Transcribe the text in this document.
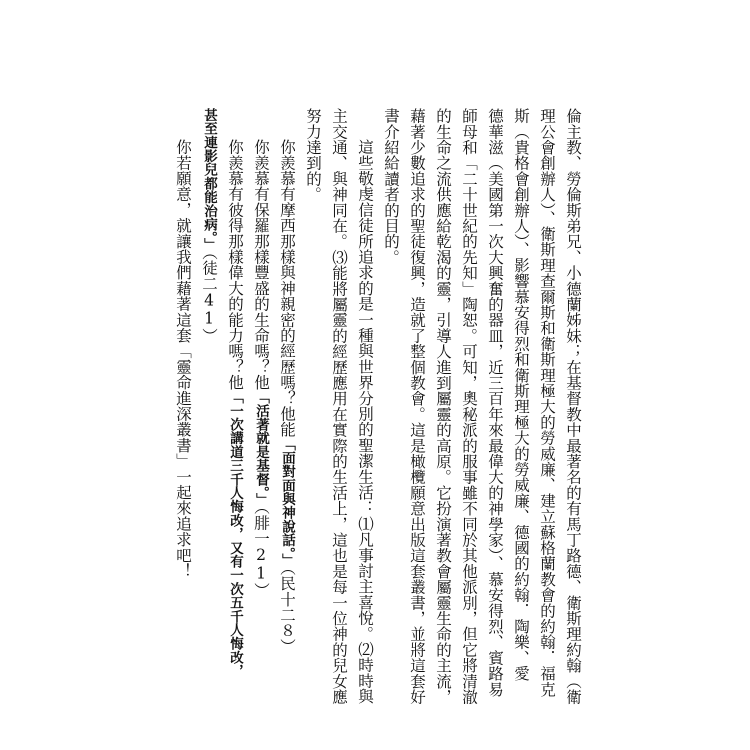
倫主教、勞倫斯弟兄、小德蘭姊妹；在基督教中最著名的有馬丁路德、衛斯理約翰（衛
理公會創辦人）、衛斯理查爾斯和衛斯理極大的勞威廉、建立蘇格蘭教會的約翰．福克
斯（貴格會創辦人）、影響慕安得烈和衛斯理極大的勞威廉、德國的約翰．陶樂、愛
德華滋（美國第一次大興奮的器皿，近三百年來最偉大的神學家）、慕安得烈、賓路易
師母和「二十世紀的先知」陶恕。可知，奧秘派的服事雖不同於其他派別，但它將清澈
的生命之流供應給乾渴的靈，引導人進到屬靈的高原。它扮演著教會屬靈生命的主流，
藉著少數追求的聖徒復興，造就了整個教會。這是橄欖願意出版這套叢書，並將這套好
書介紹給讀者的目的。
這些敬虔信徒所追求的是一種與世界分別的聖潔生活：⑴凡事討主喜悅。⑵時時與
主交通、與神同在。⑶能將屬靈的經歷應用在實際的生活上，這也是每一位神的兒女應
努力達到的。
你羨慕有摩西那樣與神親密的經歷嗎？他能「面對面與神說話。」（民十二８）
你羨慕有保羅那樣豐盛的生命嗎？他「活著就是基督。」（腓一21）
你羨慕有彼得那樣偉大的能力嗎？他「一次講道三千人悔改，又有一次五千人悔改，
甚至連影兒都能治病。」（徒二41）
你若願意，就讓我們藉著這套「靈命進深叢書」一起來追求吧！
